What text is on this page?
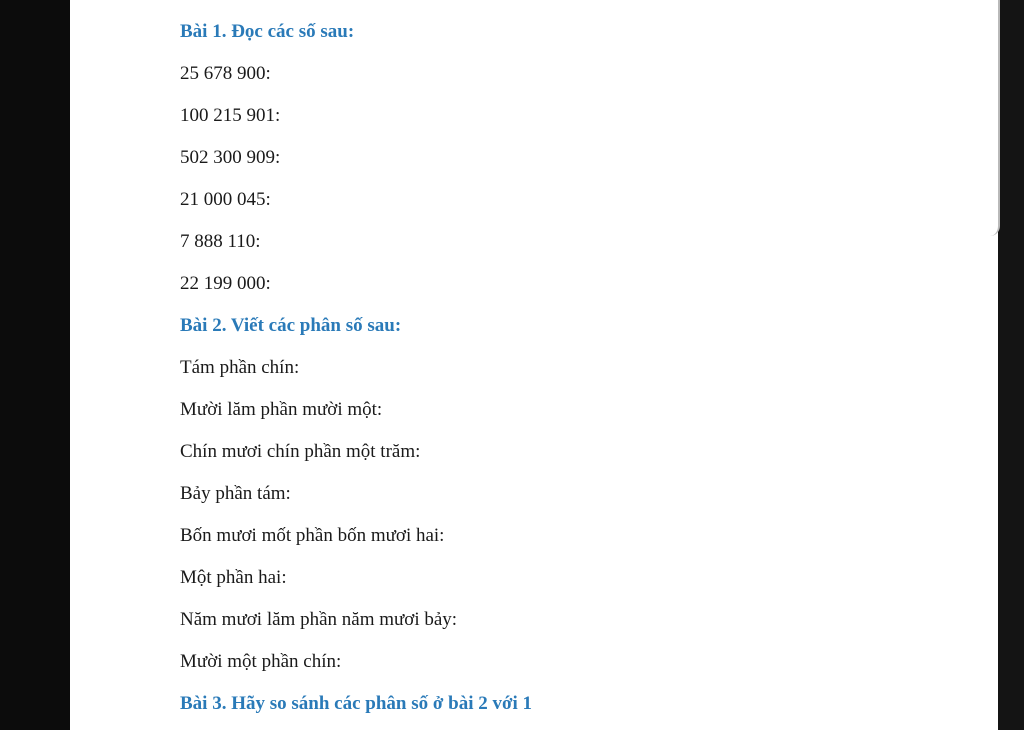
Bài 1. Đọc các số sau:

25 678 900:

100 215 901:

502 300 909:

21 000 045:

7 888 110:

22 199 000:

Bài 2. Viết các phân số sau:

Tám phần chín:

Mười lăm phần mười một:

Chín mươi chín phần một trăm:

Bảy phần tám:

Bốn mươi mốt phần bốn mươi hai:

Một phần hai:

Năm mươi lăm phần năm mươi bảy:

Mười một phần chín:

Bài 3. Hãy so sánh các phân số ở bài 2 với 1
